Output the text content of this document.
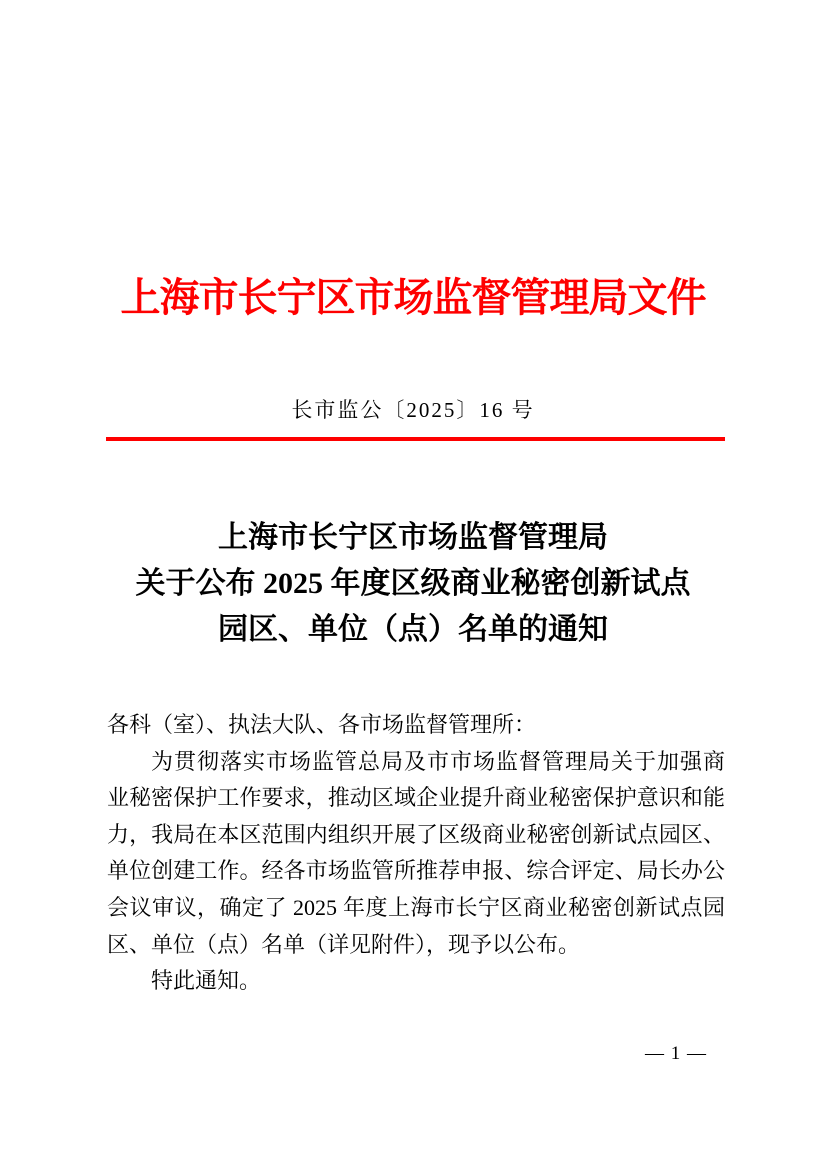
上海市长宁区市场监督管理局文件
长市监公〔2025〕16 号
上海市长宁区市场监督管理局
关于公布 2025 年度区级商业秘密创新试点
园区、单位（点）名单的通知
各科（室）、执法大队、各市场监督管理所：
为贯彻落实市场监管总局及市市场监督管理局关于加强商
业秘密保护工作要求，推动区域企业提升商业秘密保护意识和能
力，我局在本区范围内组织开展了区级商业秘密创新试点园区、
单位创建工作。经各市场监管所推荐申报、综合评定、局长办公
会议审议，确定了 2025 年度上海市长宁区商业秘密创新试点园
区、单位（点）名单（详见附件），现予以公布。
特此通知。
— 1 —
